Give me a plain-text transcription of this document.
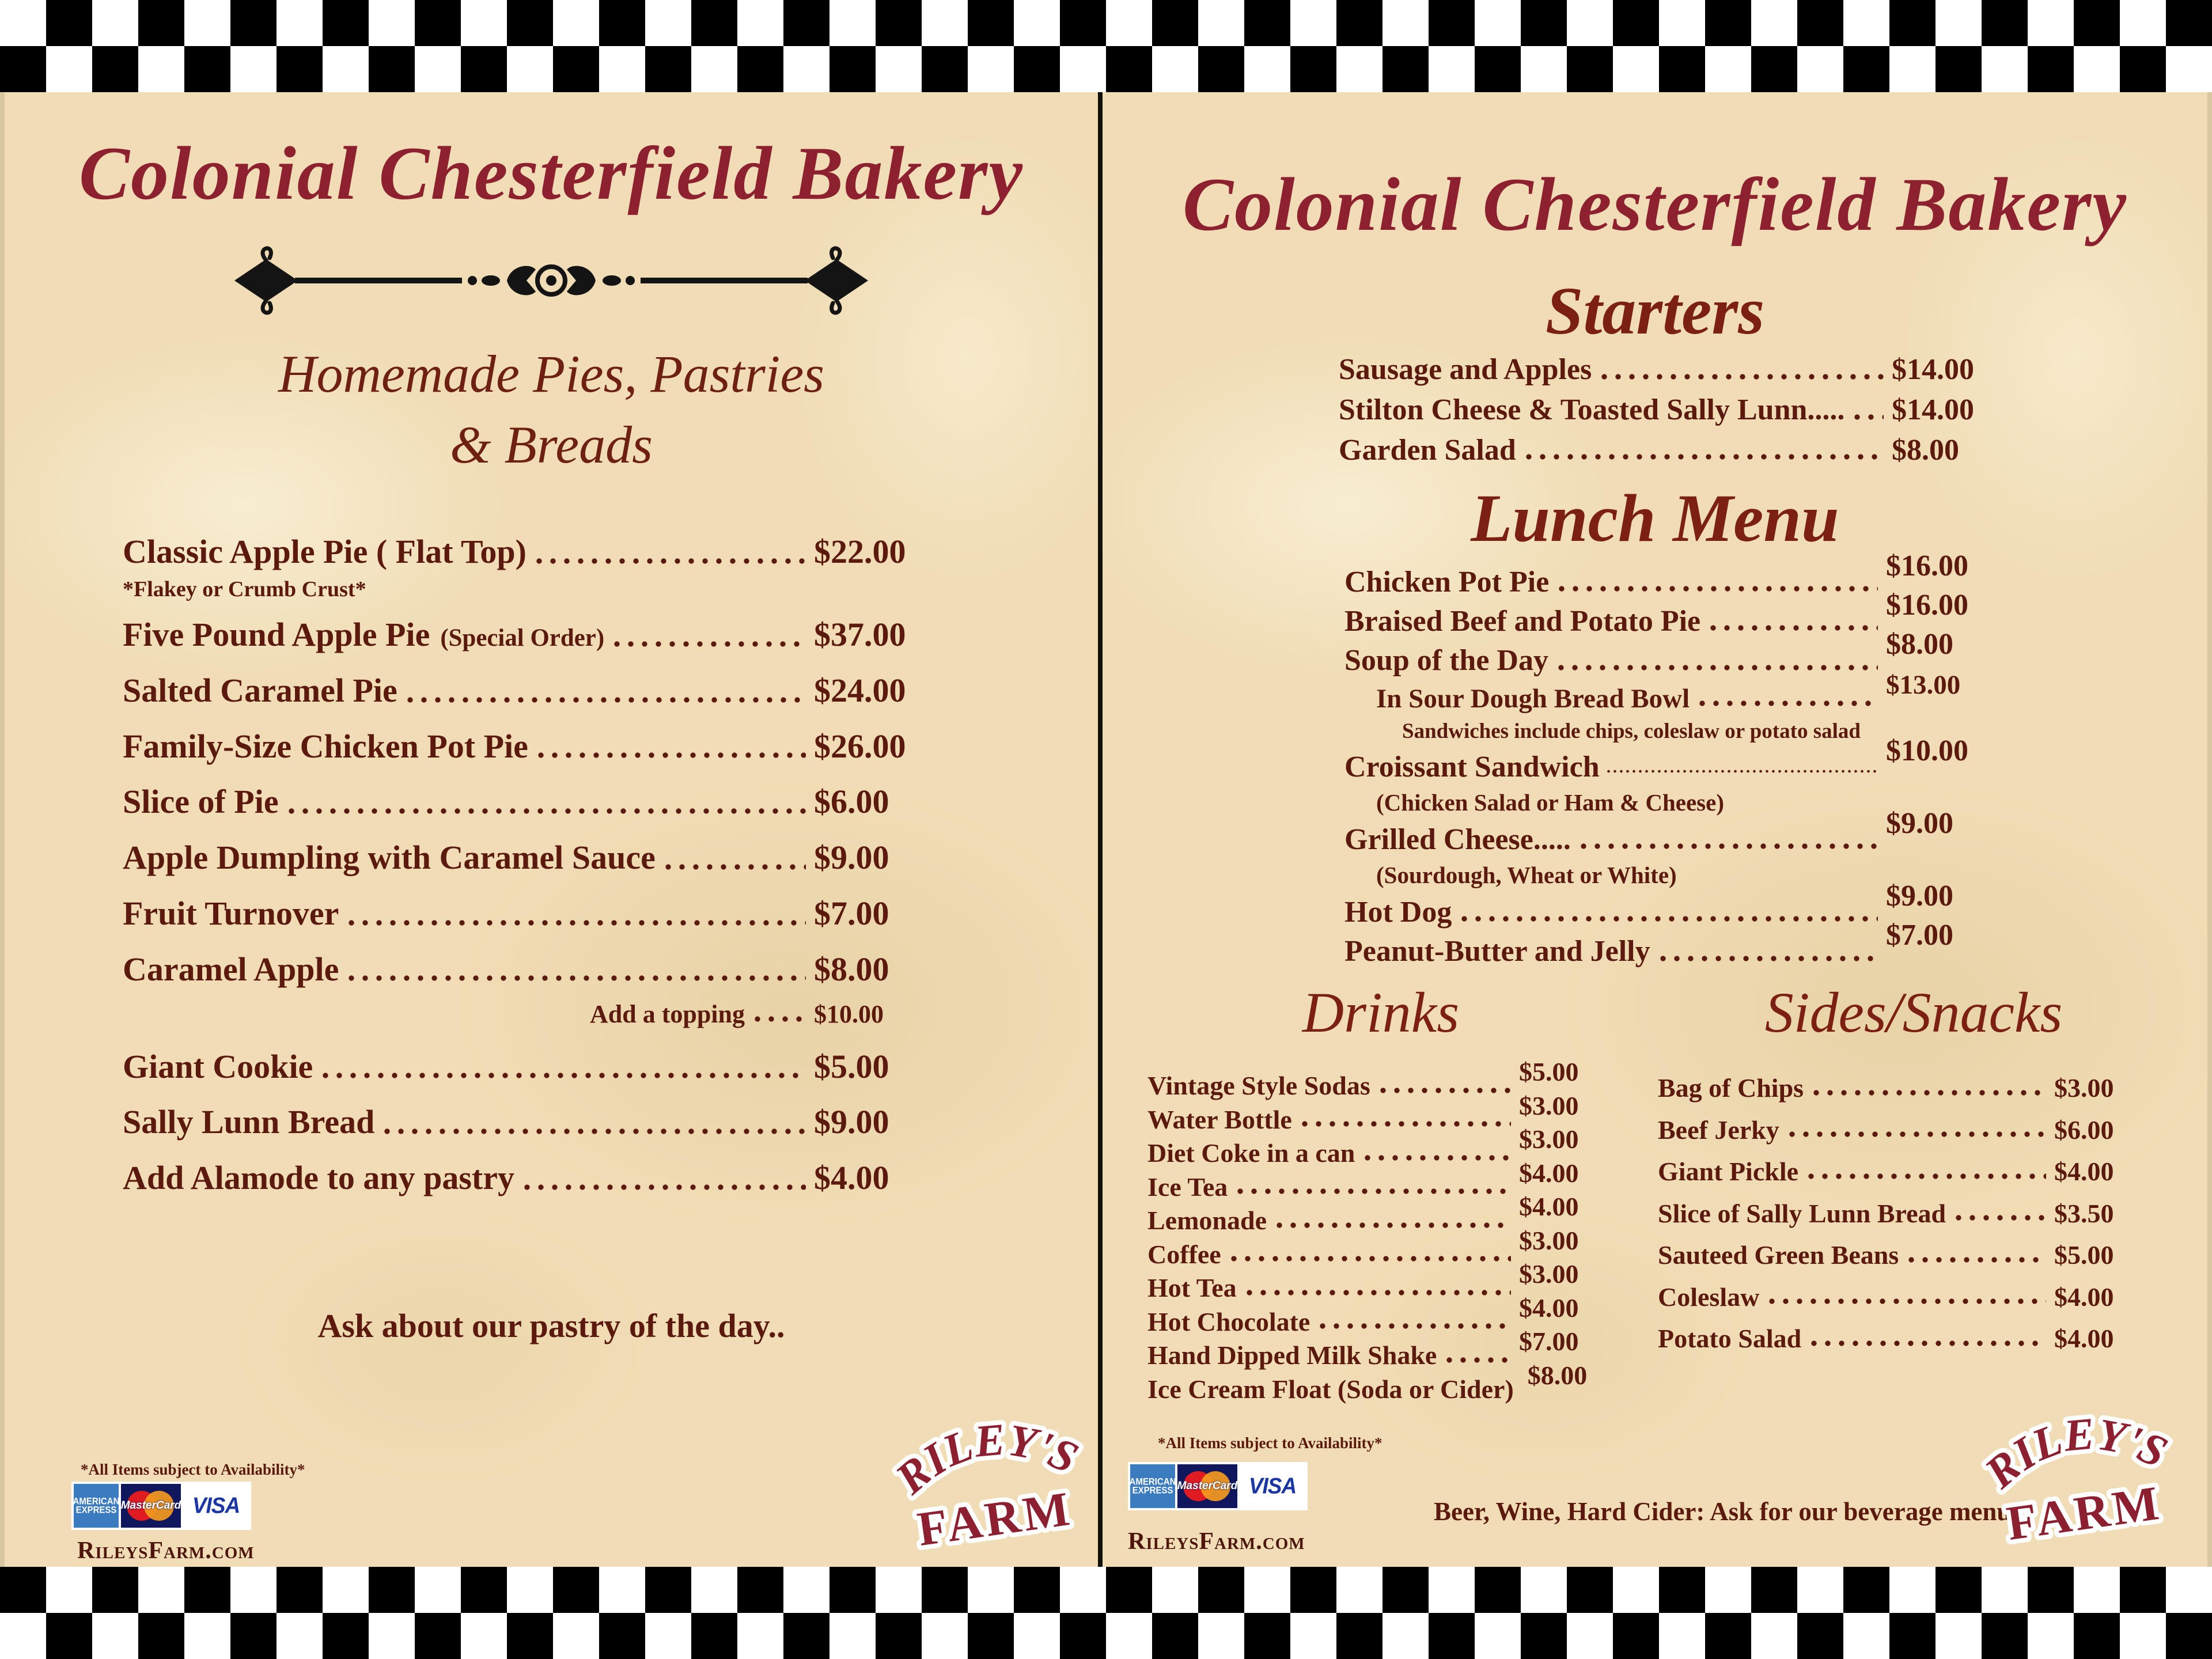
Colonial Chesterfield Bakery
Homemade Pies, Pastries
& Breads
Classic Apple Pie ( Flat Top)	$22.00
*Flakey or Crumb Crust*
Five Pound Apple Pie (Special Order)	$37.00
Salted Caramel Pie	$24.00
Family-Size Chicken Pot Pie	$26.00
Slice of Pie	$6.00
Apple Dumpling with Caramel Sauce	$9.00
Fruit Turnover	$7.00
Caramel Apple	$8.00
Add a topping	$10.00
Giant Cookie	$5.00
Sally Lunn Bread	$9.00
Add Alamode to any pastry	$4.00
Ask about our pastry of the day..
*All Items subject to Availability*
AMERICAN
EXPRESS MasterCard VISA
RileysFarm.com
RILEY'S
FARM
Colonial Chesterfield Bakery
Starters
Sausage and Apples	$14.00
Stilton Cheese & Toasted Sally Lunn..... $14.00
Garden Salad	$8.00
Lunch Menu
Chicken Pot Pie	$16.00
Braised Beef and Potato Pie	$16.00
Soup of the Day	$8.00
In Sour Dough Bread Bowl	$13.00
Sandwiches include chips, coleslaw or potato salad
Croissant Sandwich	$10.00
(Chicken Salad or Ham & Cheese)
Grilled Cheese.....	$9.00
(Sourdough, Wheat or White)
Hot Dog	$9.00
Peanut-Butter and Jelly	$7.00
Drinks
Vintage Style Sodas	$5.00
Water Bottle	$3.00
Diet Coke in a can	$3.00
Ice Tea	$4.00
Lemonade	$4.00
Coffee	$3.00
Hot Tea	$3.00
Hot Chocolate	$4.00
Hand Dipped Milk Shake	$7.00
Ice Cream Float (Soda or Cider) $8.00
Sides/Snacks
Bag of Chips	$3.00
Beef Jerky	$6.00
Giant Pickle	$4.00
Slice of Sally Lunn Bread	$3.50
Sauteed Green Beans	$5.00
Coleslaw	$4.00
Potato Salad	$4.00
*All Items subject to Availability*
AMERICAN
EXPRESS MasterCard VISA
RileysFarm.com
Beer, Wine, Hard Cider: Ask for our beverage menu
RILEY'S
FARM
